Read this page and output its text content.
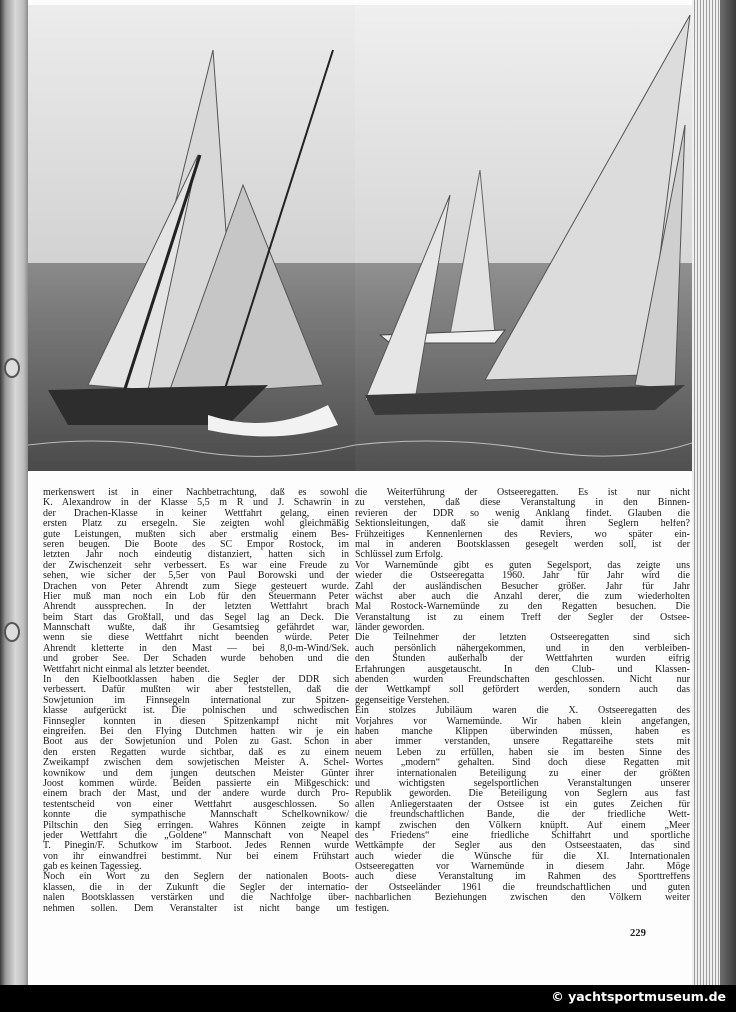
merkenswert ist in einer Nachbetrachtung, daß es sowohl
K. Alexandrow in der Klasse 5,5 m R und J. Schawrin in
der Drachen-Klasse in keiner Wettfahrt gelang, einen
ersten Platz zu ersegeln. Sie zeigten wohl gleichmäßig
gute Leistungen, mußten sich aber erstmalig einem Bes-
seren beugen. Die Boote des SC Empor Rostock, im
letzten Jahr noch eindeutig distanziert, hatten sich in
der Zwischenzeit sehr verbessert. Es war eine Freude zu
sehen, wie sicher der 5,5er von Paul Borowski und der
Drachen von Peter Ahrendt zum Siege gesteuert wurde.
Hier muß man noch ein Lob für den Steuermann Peter
Ahrendt aussprechen. In der letzten Wettfahrt brach
beim Start das Großfall, und das Segel lag an Deck. Die
Mannschaft wußte, daß ihr Gesamtsieg gefährdet war,
wenn sie diese Wettfahrt nicht beenden würde. Peter
Ahrendt kletterte in den Mast — bei 8,0-m-Wind/Sek.
und grober See. Der Schaden wurde behoben und die
Wettfahrt nicht einmal als letzter beendet.
In den Kielbootklassen haben die Segler der DDR sich
verbessert. Dafür mußten wir aber feststellen, daß die
Sowjetunion im Finnsegeln international zur Spitzen-
klasse aufgerückt ist. Die polnischen und schwedischen
Finnsegler konnten in diesen Spitzenkampf nicht mit
eingreifen. Bei den Flying Dutchmen hatten wir je ein
Boot aus der Sowjetunion und Polen zu Gast. Schon in
den ersten Regatten wurde sichtbar, daß es zu einem
Zweikampf zwischen dem sowjetischen Meister A. Schel-
kownikow und dem jungen deutschen Meister Günter
Joost kommen würde. Beiden passierte ein Mißgeschick:
einem brach der Mast, und der andere wurde durch Pro-
testentscheid von einer Wettfahrt ausgeschlossen. So
konnte die sympathische Mannschaft Schelkownikow/
Piltschin den Sieg erringen. Wahres Können zeigte in
jeder Wettfahrt die „Goldene“ Mannschaft von Neapel
T. Pinegin/F. Schutkow im Starboot. Jedes Rennen wurde
von ihr einwandfrei bestimmt. Nur bei einem Frühstart
gab es keinen Tagessieg.
Noch ein Wort zu den Seglern der nationalen Boots-
klassen, die in der Zukunft die Segler der internatio-
nalen Bootsklassen verstärken und die Nachfolge über-
nehmen sollen. Dem Veranstalter ist nicht bange um
die Weiterführung der Ostseeregatten. Es ist nur nicht
zu verstehen, daß diese Veranstaltung in den Binnen-
revieren der DDR so wenig Anklang findet. Glauben die
Sektionsleitungen, daß sie damit ihren Seglern helfen?
Frühzeitiges Kennenlernen des Reviers, wo später ein-
mal in anderen Bootsklassen gesegelt werden soll, ist der
Schlüssel zum Erfolg.
Vor Warnemünde gibt es guten Segelsport, das zeigte uns
wieder die Ostseeregatta 1960. Jahr für Jahr wird die
Zahl der ausländischen Besucher größer. Jahr für Jahr
wächst aber auch die Anzahl derer, die zum wiederholten
Mal Rostock-Warnemünde zu den Regatten besuchen. Die
Veranstaltung ist zu einem Treff der Segler der Ostsee-
länder geworden.
Die Teilnehmer der letzten Ostseeregatten sind sich
auch persönlich nähergekommen, und in den verbleiben-
den Stunden außerhalb der Wettfahrten wurden eifrig
Erfahrungen ausgetauscht. In den Club- und Klassen-
abenden wurden Freundschaften geschlossen. Nicht nur
der Wettkampf soll gefördert werden, sondern auch das
gegenseitige Verstehen.
Ein stolzes Jubiläum waren die X. Ostseeregatten des
Vorjahres vor Warnemünde. Wir haben klein angefangen,
haben manche Klippen überwinden müssen, haben es
aber immer verstanden, unsere Regattareihe stets mit
neuem Leben zu erfüllen, haben sie im besten Sinne des
Wortes „modern“ gehalten. Sind doch diese Regatten mit
ihrer internationalen Beteiligung zu einer der größten
und wichtigsten segelsportlichen Veranstaltungen unserer
Republik geworden. Die Beteiligung von Seglern aus fast
allen Anliegerstaaten der Ostsee ist ein gutes Zeichen für
die freundschaftlichen Bande, die der friedliche Wett-
kampf zwischen den Völkern knüpft. Auf einem „Meer
des Friedens“ eine friedliche Schiffahrt und sportliche
Wettkämpfe der Segler aus den Ostseestaaten, das sind
auch wieder die Wünsche für die XI. Internationalen
Ostseeregatten vor Warnemünde in diesem Jahr. Möge
auch diese Veranstaltung im Rahmen des Sporttreffens
der Ostseeländer 1961 die freundschaftlichen und guten
nachbarlichen Beziehungen zwischen den Völkern weiter
festigen.
229
© yachtsportmuseum.de
